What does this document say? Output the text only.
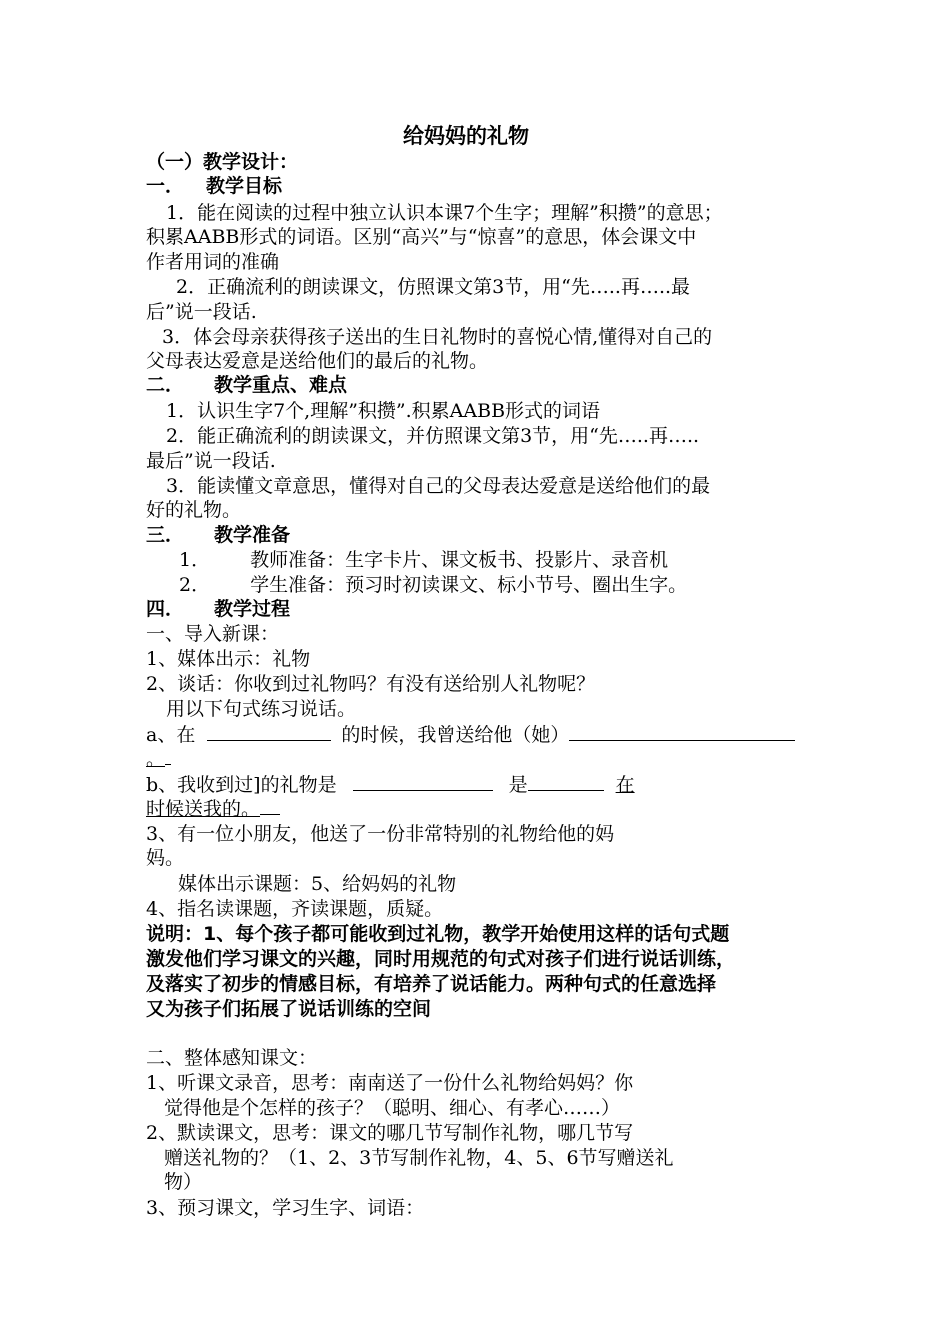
给妈妈的礼物
（一）教学设计：
一． 教学目标
1．能在阅读的过程中独立认识本课7个生字；理解”积攒”的意思；
积累AABB形式的词语。区别“高兴”与“惊喜”的意思，体会课文中
作者用词的准确
2．正确流利的朗读课文，仿照课文第3节，用“先…..再…..最
后”说一段话.
3．体会母亲获得孩子送出的生日礼物时的喜悦心情,懂得对自己的
父母表达爱意是送给他们的最后的礼物。
二． 教学重点、难点
1．认识生字7个,理解”积攒”.积累AABB形式的词语
2．能正确流利的朗读课文，并仿照课文第3节，用“先…..再…..
最后”说一段话.
3．能读懂文章意思，懂得对自己的父母表达爱意是送给他们的最
好的礼物。
三． 教学准备
1． 教师准备：生字卡片、课文板书、投影片、录音机
2． 学生准备：预习时初读课文、标小节号、圈出生字。
四． 教学过程
一、导入新课：
1、媒体出示：礼物
2、谈话：你收到过礼物吗？有没有送给别人礼物呢？
用以下句式练习说话。
a、在	的时候，我曾送给他（她）
。
b、我收到过]的礼物是	是	在
时候送我的。
3、有一位小朋友，他送了一份非常特别的礼物给他的妈
妈。
媒体出示课题：5、给妈妈的礼物
4、指名读课题，齐读课题，质疑。
说明：1、每个孩子都可能收到过礼物，教学开始使用这样的话句式题
激发他们学习课文的兴趣，同时用规范的句式对孩子们进行说话训练，
及落实了初步的情感目标，有培养了说话能力。两种句式的任意选择
又为孩子们拓展了说话训练的空间
二、整体感知课文：
1、听课文录音，思考：南南送了一份什么礼物给妈妈？你
觉得他是个怎样的孩子？（聪明、细心、有孝心……）
2、默读课文，思考：课文的哪几节写制作礼物，哪几节写
赠送礼物的？（1、2、3节写制作礼物，4、5、6节写赠送礼
物）
3、预习课文，学习生字、词语：
